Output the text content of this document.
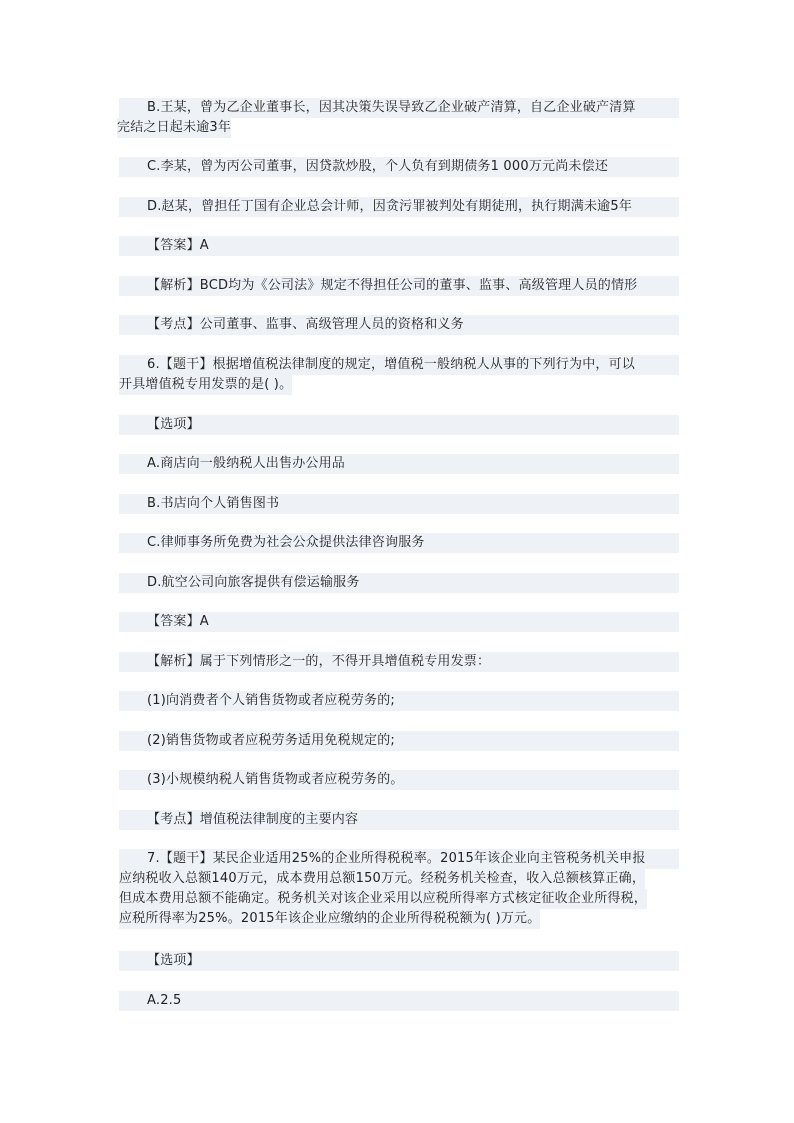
B.王某，曾为乙企业董事长，因其决策失误导致乙企业破产清算，自乙企业破产清算
完结之日起未逾3年
C.李某，曾为丙公司董事，因贷款炒股，个人负有到期债务1 000万元尚未偿还
D.赵某，曾担任丁国有企业总会计师，因贪污罪被判处有期徒刑，执行期满未逾5年
【答案】A
【解析】BCD均为《公司法》规定不得担任公司的董事、监事、高级管理人员的情形
【考点】公司董事、监事、高级管理人员的资格和义务
6.【题干】根据增值税法律制度的规定，增值税一般纳税人从事的下列行为中，可以
开具增值税专用发票的是( )。
【选项】
A.商店向一般纳税人出售办公用品
B.书店向个人销售图书
C.律师事务所免费为社会公众提供法律咨询服务
D.航空公司向旅客提供有偿运输服务
【答案】A
【解析】属于下列情形之一的，不得开具增值税专用发票：
(1)向消费者个人销售货物或者应税劳务的;
(2)销售货物或者应税劳务适用免税规定的;
(3)小规模纳税人销售货物或者应税劳务的。
【考点】增值税法律制度的主要内容
7.【题干】某民企业适用25%的企业所得税税率。2015年该企业向主管税务机关申报
应纳税收入总额140万元，成本费用总额150万元。经税务机关检查，收入总额核算正确， 但成本费用总额不能确定。税务机关对该企业采用以应税所得率方式核定征收企业所得税， 应税所得率为25%。2015年该企业应缴纳的企业所得税税额为( )万元。
【选项】
A.2.5
